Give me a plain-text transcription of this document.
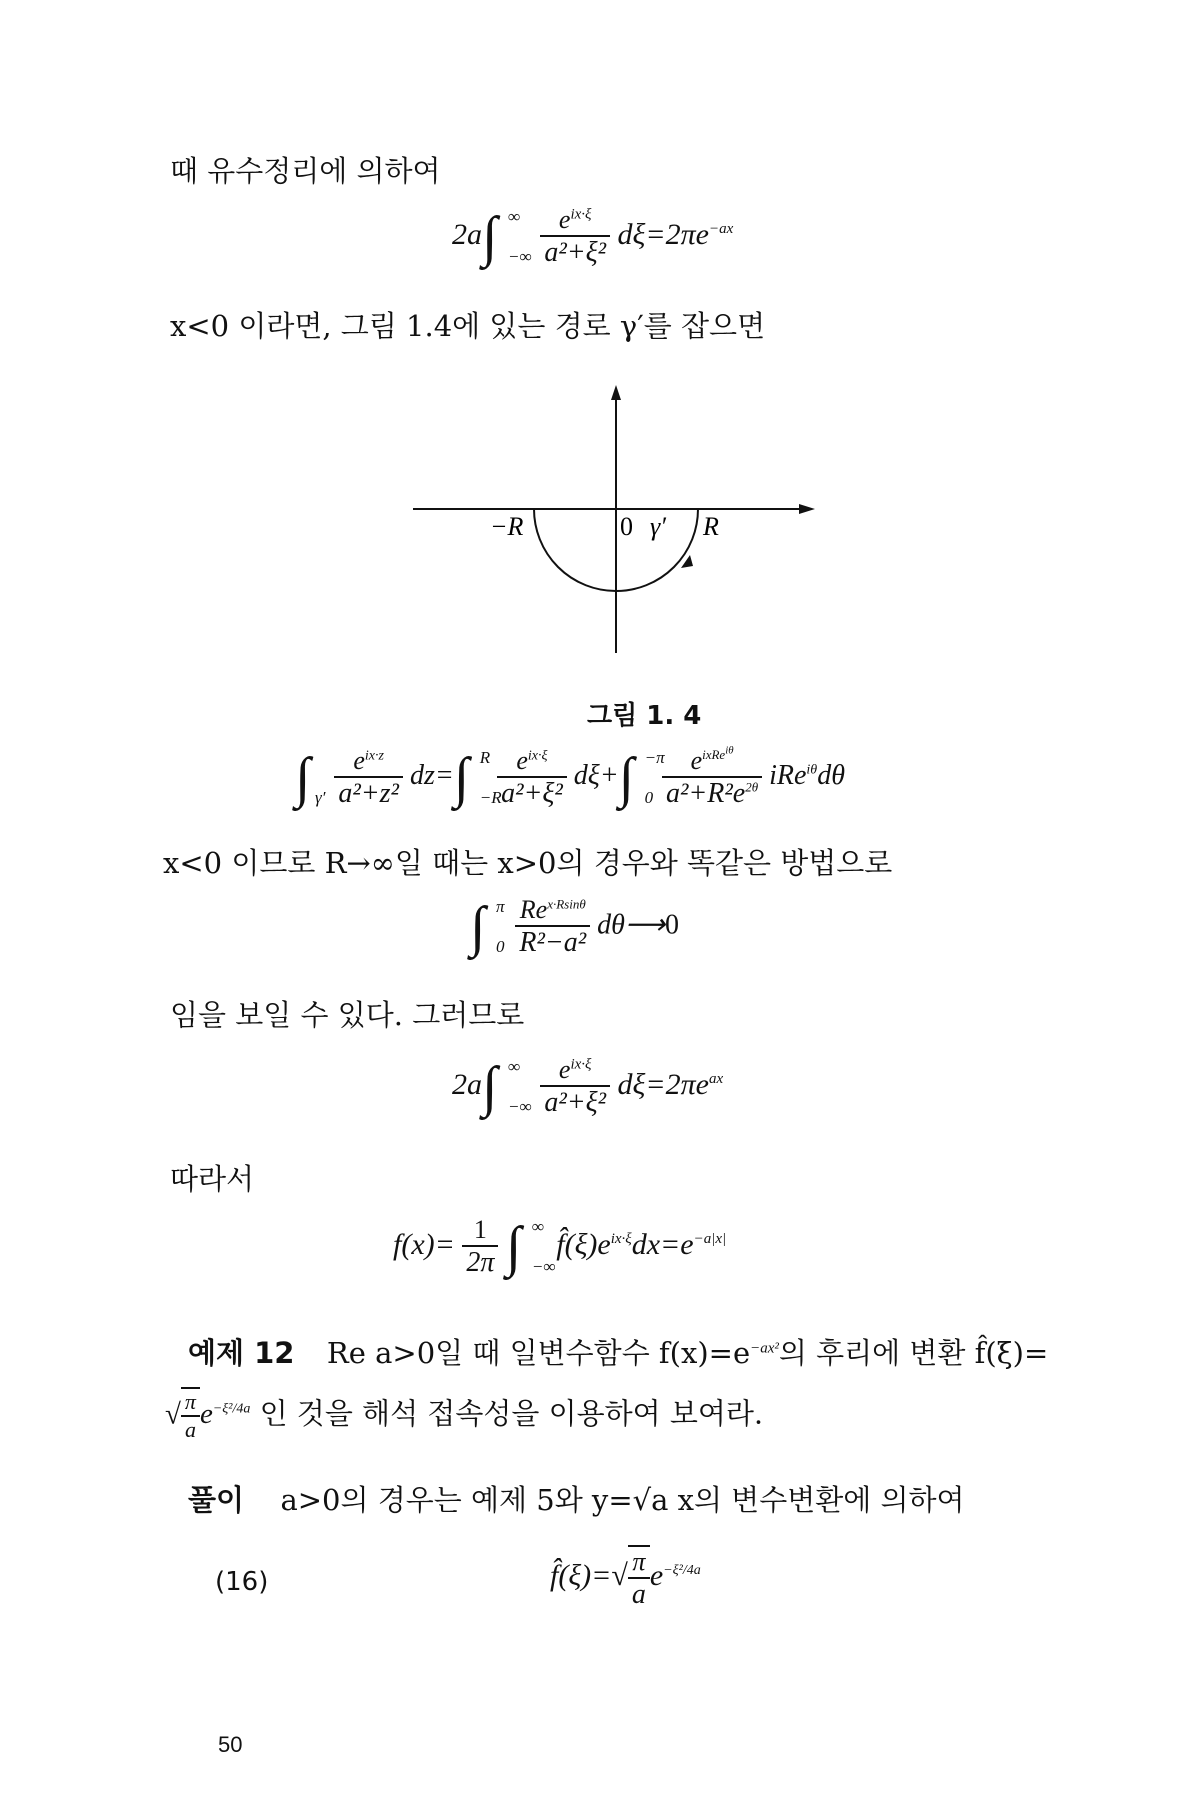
때 유수정리에 의하여
2a∫ ∞
−∞
$\frac{e^{ix\cdot\xi}}{\text{a²+ξ²}} d\xi=2\pi e^{-ax}$
x<0 이라면, 그림 1.4에 있는 경로 γ′를 잡으면
−R	0 γ′ R
그림 1. 4
∫ γ′
$\frac{e^{ix\cdot z}}{\text{a²+z²}} dz=\int$ R
−R

$\frac{e^{ix\cdot\xi}}{\text{a²+ξ²}} d\xi+\int -\pi$
0
$\frac{e^{ixRe^{i\theta}}}{a^2+R^2e^{2\theta}} iRe^{i\theta}d\theta$
x<0 이므로 R→∞일 때는 x>0의 경우와 똑같은 방법으로
∫ π
0
$\frac{Re^{x\cdot Rsin\theta}}{\text{R²−a²}}$ dθ⟶0
임을 보일 수 있다. 그러므로
2a∫ ∞
−∞
$\frac{e^{ix\cdot\xi}}{\text{a²+ξ²}} d\xi=2\pi e^{ax}$
따라서
$f(x)= \frac{1}{2\pi}$ ∫ ∞
−∞
$f̂(\xi)e^{ix\cdot\xi}dx=e^{-a|x|}$
예제 12 Re a>0일 때 일변수함수 $f(x)=e^{-ax^2}$의 후리에 변환 f̂(ξ)=
√ $\frac{\pi}{a} e^{-\xi^2/4a}$ 인 것을 해석 접속성을 이용하여 보여라.
풀이 a>0의 경우는 예제 5와 y=√a x의 변수변환에 의하여
(16)	f̂(ξ)=√ $\frac{\pi}{a} e^{-\xi^2/4a}$
50
